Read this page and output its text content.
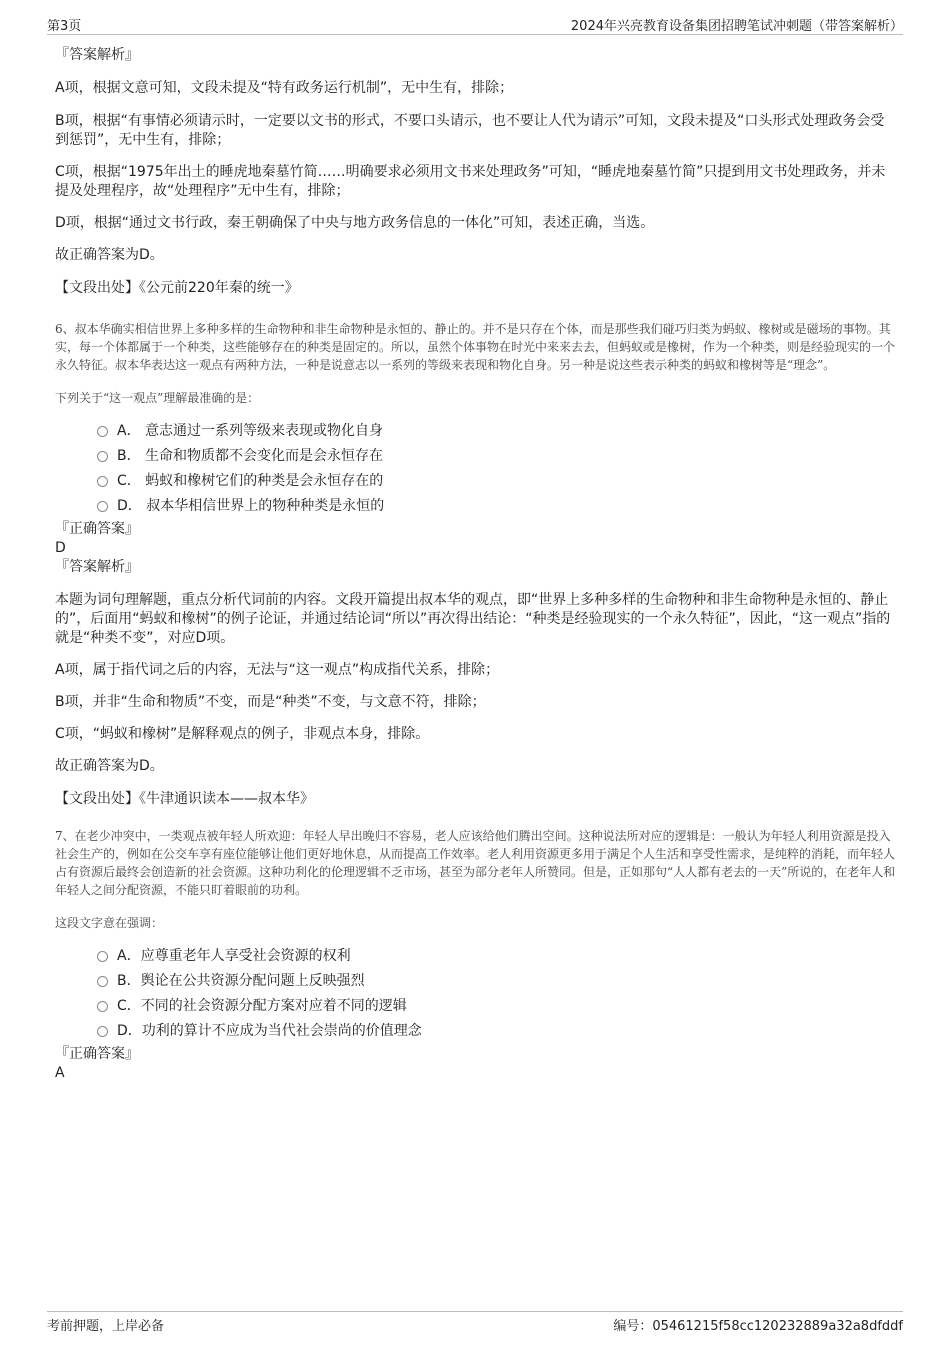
第3页	2024年兴亮教育设备集团招聘笔试冲刺题（带答案解析）

『答案解析』

A项，根据文意可知，文段未提及“特有政务运行机制”，无中生有，排除；

B项，根据“有事情必须请示时，一定要以文书的形式，不要口头请示，也不要让人代为请示”可知，文段未提及“口头形式处理政务会受到惩罚”，无中生有，排除；

C项，根据“1975年出土的睡虎地秦墓竹简……明确要求必须用文书来处理政务”可知，“睡虎地秦墓竹简”只提到用文书处理政务，并未提及处理程序，故“处理程序”无中生有，排除；

D项，根据“通过文书行政，秦王朝确保了中央与地方政务信息的一体化”可知，表述正确，当选。

故正确答案为D。

【文段出处】《公元前220年秦的统一》

6、叔本华确实相信世界上多种多样的生命物种和非生命物种是永恒的、静止的。并不是只存在个体，而是那些我们碰巧归类为蚂蚁、橡树或是磁场的事物。其实，每一个体都属于一个种类，这些能够存在的种类是固定的。所以，虽然个体事物在时光中来来去去，但蚂蚁或是橡树，作为一个种类，则是经验现实的一个永久特征。叔本华表达这一观点有两种方法，一种是说意志以一系列的等级来表现和物化自身。另一种是说这些表示种类的蚂蚁和橡树等是“理念”。

下列关于“这一观点”理解最准确的是：

A． 意志通过一系列等级来表现或物化自身
B． 生命和物质都不会变化而是会永恒存在
C． 蚂蚁和橡树它们的种类是会永恒存在的
D． 叔本华相信世界上的物种种类是永恒的

『正确答案』

D

『答案解析』

本题为词句理解题，重点分析代词前的内容。文段开篇提出叔本华的观点，即“世界上多种多样的生命物种和非生命物种是永恒的、静止的”，后面用“蚂蚁和橡树”的例子论证，并通过结论词“所以”再次得出结论：“种类是经验现实的一个永久特征”，因此，“这一观点”指的就是“种类不变”，对应D项。

A项，属于指代词之后的内容，无法与“这一观点”构成指代关系，排除；

B项，并非“生命和物质”不变，而是“种类”不变，与文意不符，排除；

C项，“蚂蚁和橡树”是解释观点的例子，非观点本身，排除。

故正确答案为D。

【文段出处】《牛津通识读本——叔本华》

7、在老少冲突中，一类观点被年轻人所欢迎：年轻人早出晚归不容易，老人应该给他们腾出空间。这种说法所对应的逻辑是：一般认为年轻人利用资源是投入社会生产的，例如在公交车享有座位能够让他们更好地休息，从而提高工作效率。老人利用资源更多用于满足个人生活和享受性需求，是纯粹的消耗，而年轻人占有资源后最终会创造新的社会资源。这种功利化的伦理逻辑不乏市场，甚至为部分老年人所赞同。但是，正如那句“人人都有老去的一天”所说的，在老年人和年轻人之间分配资源，不能只盯着眼前的功利。

这段文字意在强调：

A．应尊重老年人享受社会资源的权利
B．舆论在公共资源分配问题上反映强烈
C．不同的社会资源分配方案对应着不同的逻辑
D．功利的算计不应成为当代社会崇尚的价值理念

『正确答案』

A

考前押题，上岸必备	编号：05461215f58cc120232889a32a8dfddf
